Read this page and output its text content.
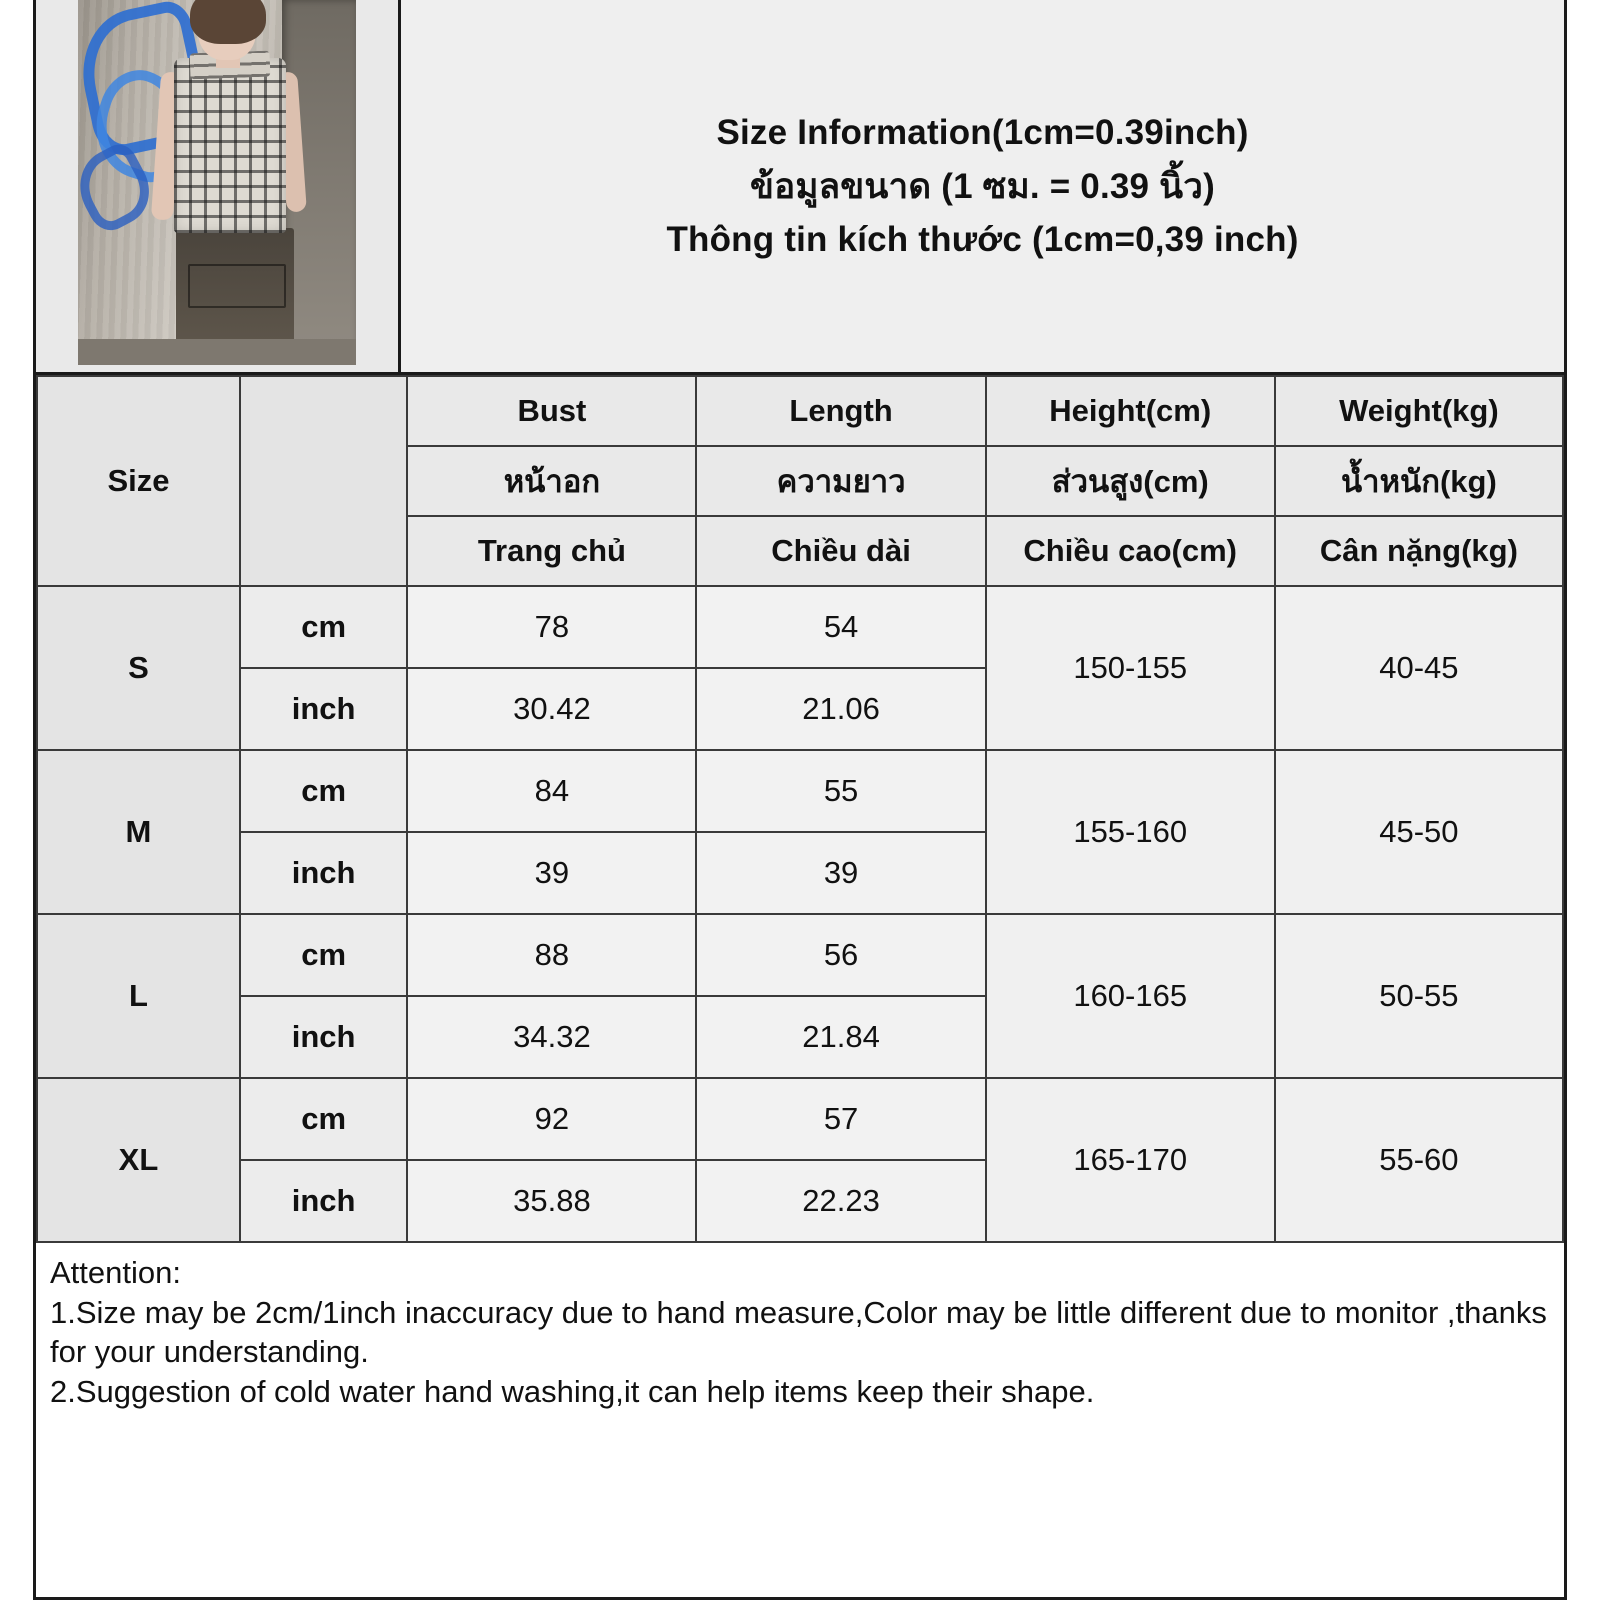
Size Information(1cm=0.39inch)
ข้อมูลขนาด (1 ซม. = 0.39 นิ้ว)
Thông tin kích thước (1cm=0,39 inch)
Size		Bust	Length	Height(cm)	Weight(kg)
		หน้าอก	ความยาว	ส่วนสูง(cm)	น้ำหนัก(kg)
		Trang chủ	Chiều dài	Chiều cao(cm)	Cân nặng(kg)
S	cm	78	54	150-155	40-45
	inch	30.42	21.06		
M	cm	84	55	155-160	45-50
	inch	39	39		
L	cm	88	56	160-165	50-55
	inch	34.32	21.84		
XL	cm	92	57	165-170	55-60
	inch	35.88	22.23		
Attention:
1.Size may be 2cm/1inch inaccuracy due to hand measure,Color may be little different due to monitor ,thanks for your understanding.
2.Suggestion of cold water hand washing,it can help items keep their shape.
